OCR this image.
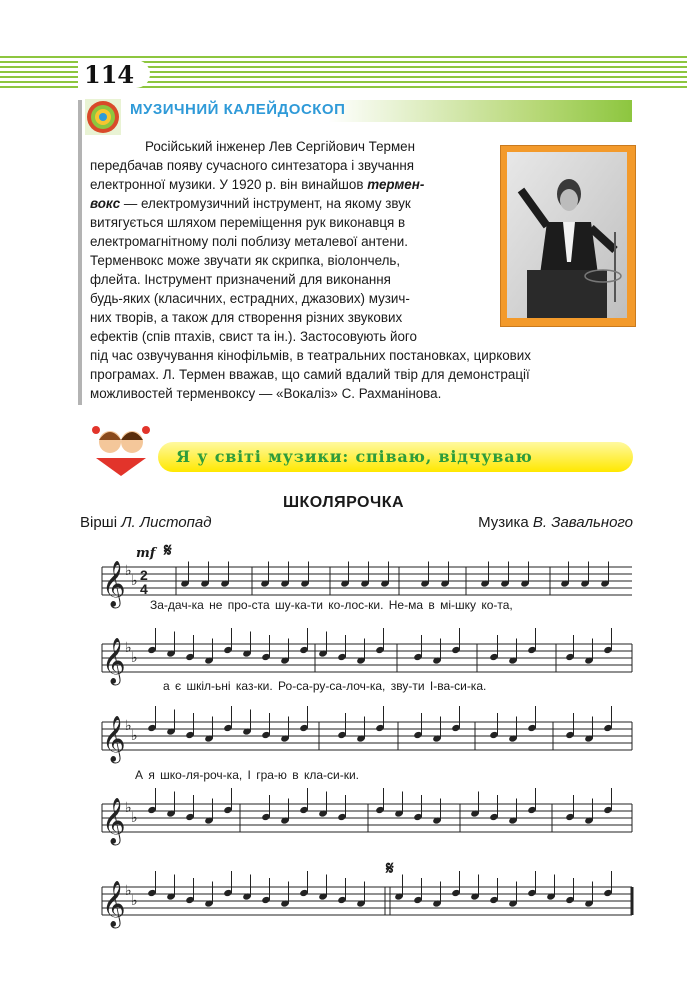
114
МУЗИЧНИЙ КАЛЕЙДОСКОП
Російський інженер Лев Сергійович Термен
передбачав появу сучасного синтезатора і звучання
електронної музики. У 1920 р. він винайшов термен-
вокс — електромузичний інструмент, на якому звук
витягується шляхом переміщення рук виконавця в
електромагнітному полі поблизу металевої антени.
Терменвокс може звучати як скрипка, віолончель,
флейта. Інструмент призначений для виконання
будь-яких (класичних, естрадних, джазових) музич-
них творів, а також для створення різних звукових
ефектів (спів птахів, свист та ін.). Застосовують його
під час озвучування кінофільмів, в театральних постановках, циркових
програмах. Л. Термен вважав, що самий вдалий твір для демонстрації
можливостей терменвоксу — «Вокаліз» С. Рахманінова.
Я у світі музики: співаю, відчуваю
ШКОЛЯРОЧКА
Вірші Л. Листопад	Музика В. Завального
𝄞 ♭
♭
𝄞 ♭
♭
𝄞 ♭
♭
𝄞 ♭
♭
𝄞 ♭
♭
2
4
mf 𝄋
𝄋
За-дач-ка не про-ста шу-ка-ти ко-лос-ки. Не-ма в мі-шку ко-та,
а є шкіл-ьні каз-ки. Ро-са-ру-са-лоч-ка, зву-ти І-ва-си-ка.
А я шко-ля-роч-ка, І гра-ю в кла-си-ки.
